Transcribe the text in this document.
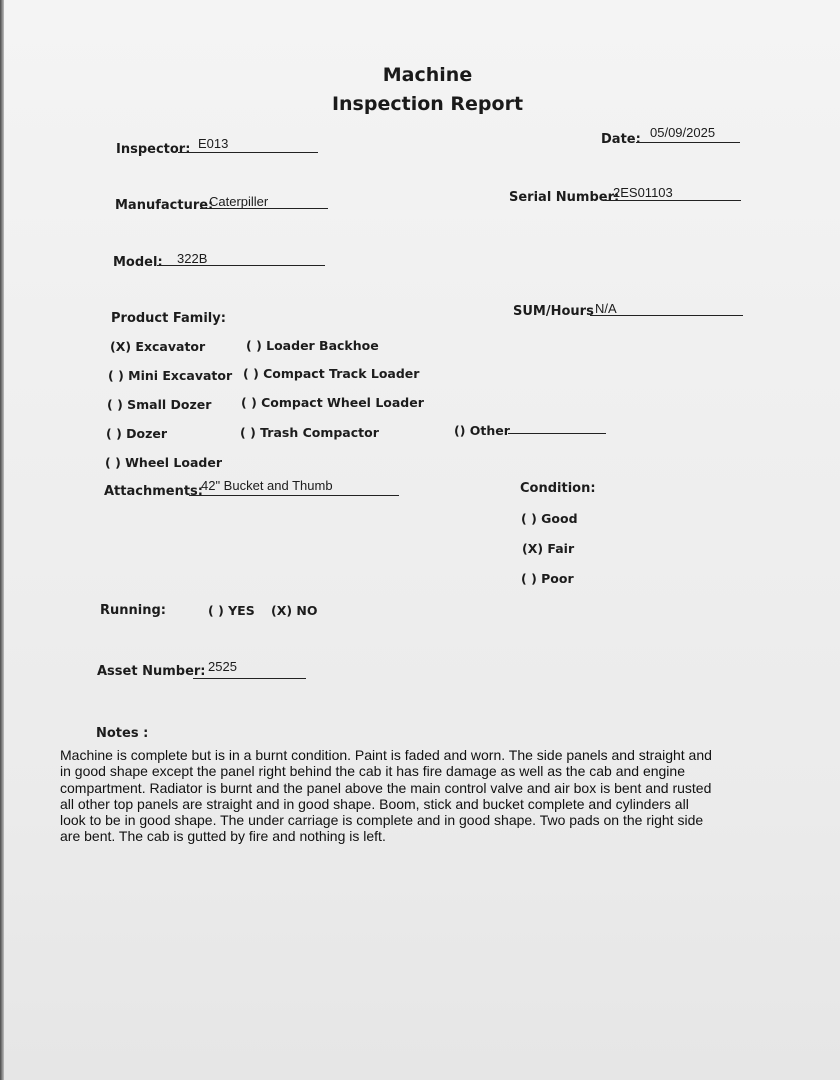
Machine
Inspection Report
Inspector: E013	Date: 05/09/2025
Manufacture:
Caterpiller	Serial Number:
2ES01103
Model: 322B
SUM/Hours N/A
Product Family:
(X) Excavator
( ) Mini Excavator
( ) Small Dozer
( ) Dozer
( ) Wheel Loader
( ) Loader Backhoe
( ) Compact Track Loader
( ) Compact Wheel Loader
( ) Trash Compactor	() Other
Attachments:
42" Bucket and Thumb	Condition:
( ) Good
(X) Fair
( ) Poor
Running:	( ) YES (X) NO
Asset Number: 2525
Notes :
Machine is complete but is in a burnt condition. Paint is faded and worn. The side panels and straight and
in good shape except the panel right behind the cab it has fire damage as well as the cab and engine
compartment. Radiator is burnt and the panel above the main control valve and air box is bent and rusted
all other top panels are straight and in good shape. Boom, stick and bucket complete and cylinders all
look to be in good shape. The under carriage is complete and in good shape. Two pads on the right side
are bent. The cab is gutted by fire and nothing is left.
